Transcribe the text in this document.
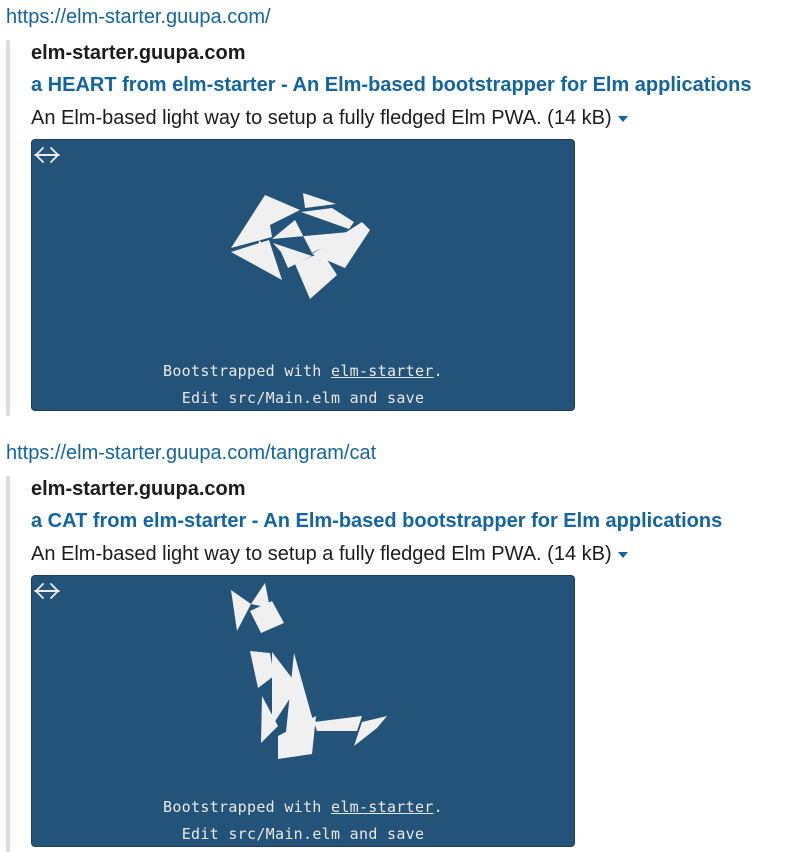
https://elm-starter.guupa.com/
elm-starter.guupa.com
a HEART from elm-starter - An Elm-based bootstrapper for Elm applications
An Elm-based light way to setup a fully fledged Elm PWA. (14 kB)
Bootstrapped with elm-starter.
Edit src/Main.elm and save
https://elm-starter.guupa.com/tangram/cat
elm-starter.guupa.com
a CAT from elm-starter - An Elm-based bootstrapper for Elm applications
An Elm-based light way to setup a fully fledged Elm PWA. (14 kB)
Bootstrapped with elm-starter.
Edit src/Main.elm and save
